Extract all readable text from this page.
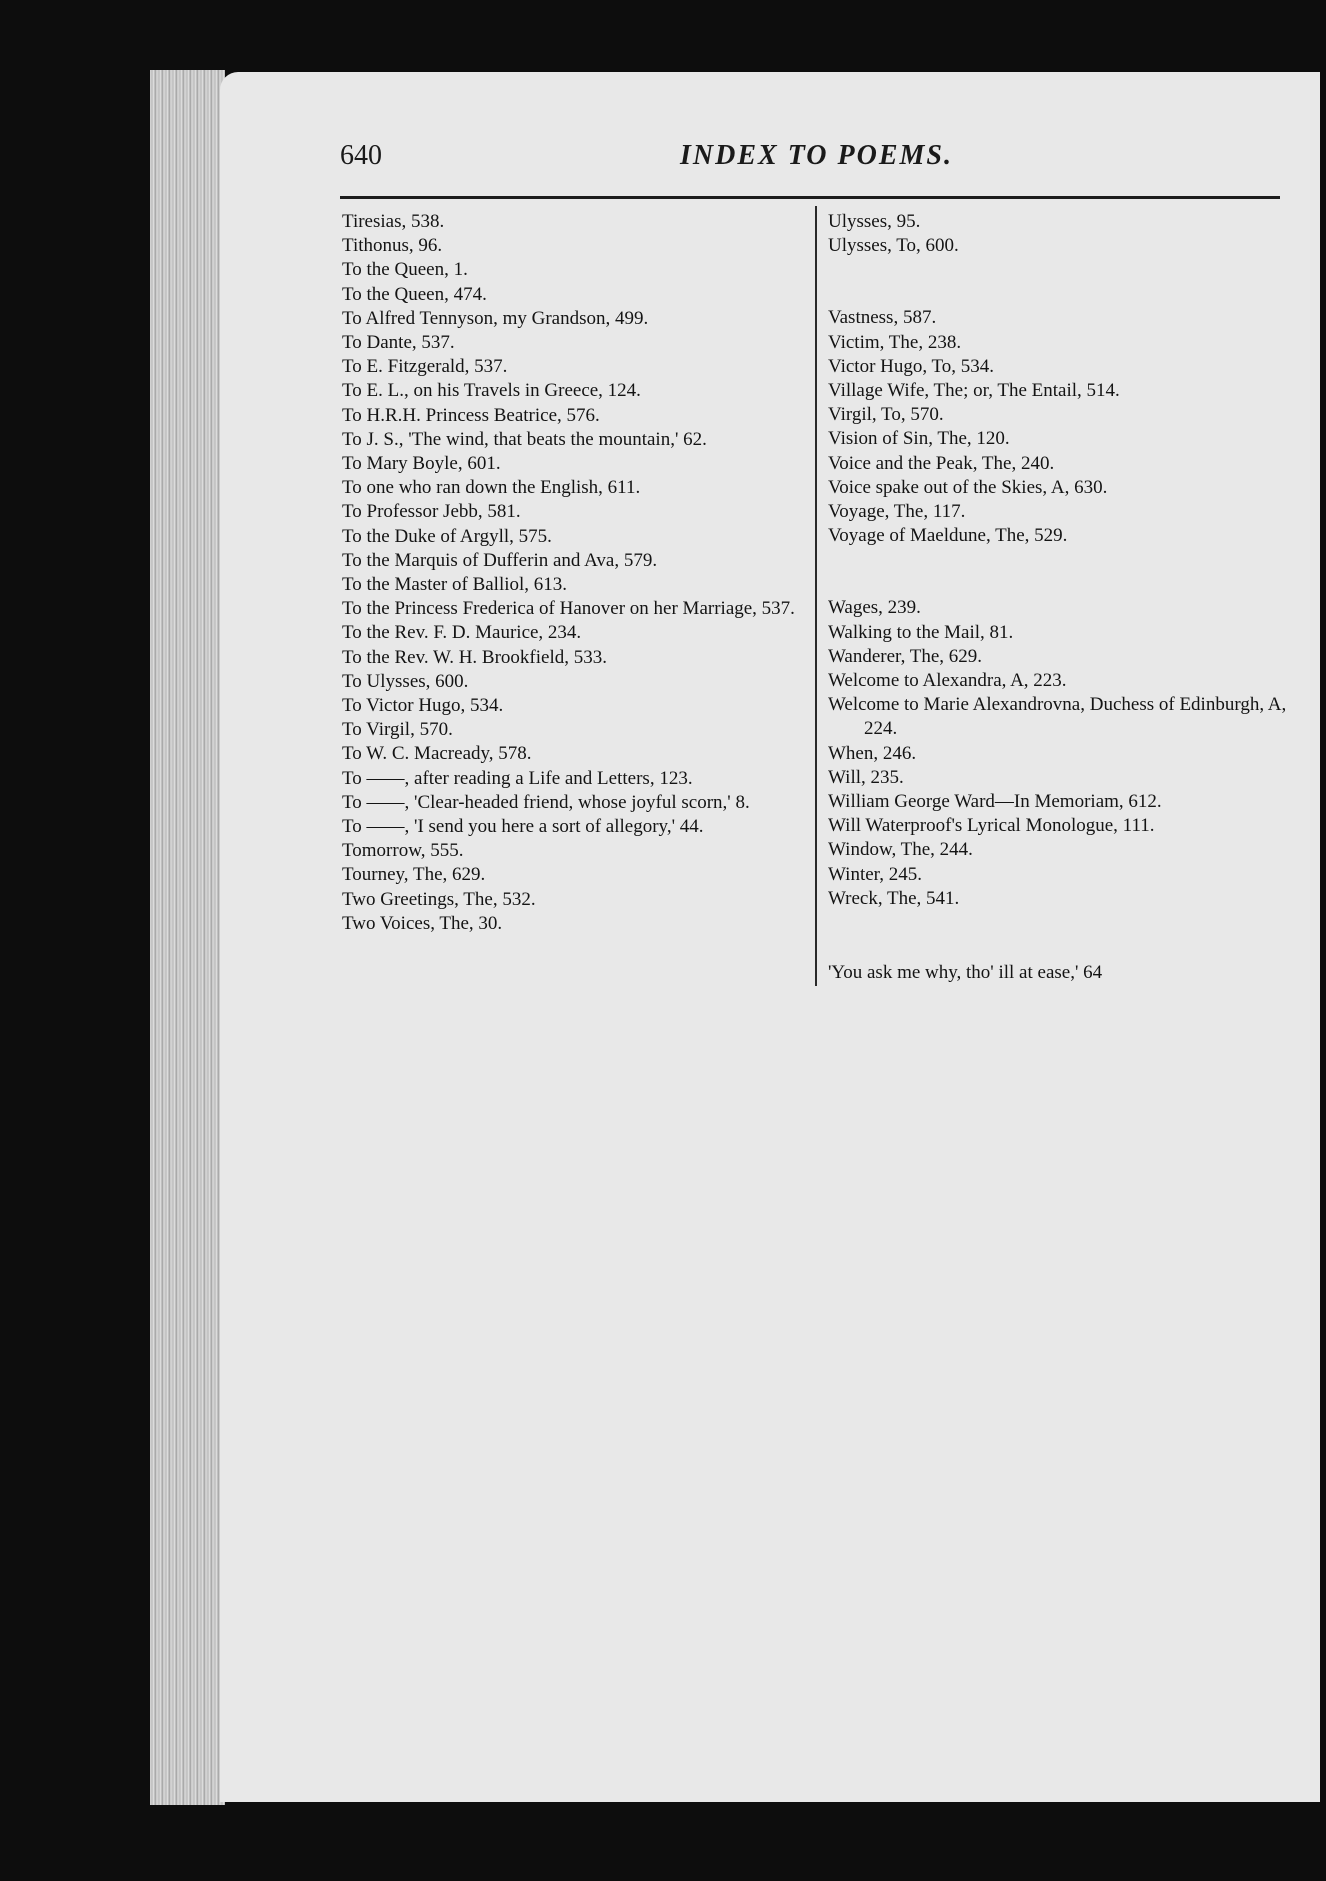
640	INDEX TO POEMS.

Tiresias, 538.

Tithonus, 96.

To the Queen, 1.

To the Queen, 474.

To Alfred Tennyson, my Grandson, 499.

To Dante, 537.

To E. Fitzgerald, 537.

To E. L., on his Travels in Greece, 124.

To H.R.H. Princess Beatrice, 576.

To J. S., 'The wind, that beats the mountain,' 62.

To Mary Boyle, 601.

To one who ran down the English, 611.

To Professor Jebb, 581.

To the Duke of Argyll, 575.

To the Marquis of Dufferin and Ava, 579.

To the Master of Balliol, 613.

To the Princess Frederica of Hanover on her Marriage, 537.

To the Rev. F. D. Maurice, 234.

To the Rev. W. H. Brookfield, 533.

To Ulysses, 600.

To Victor Hugo, 534.

To Virgil, 570.

To W. C. Macready, 578.

To ——, after reading a Life and Letters, 123.

To ——, 'Clear-headed friend, whose joyful scorn,' 8.

To ——, 'I send you here a sort of allegory,' 44.

Tomorrow, 555.

Tourney, The, 629.

Two Greetings, The, 532.

Two Voices, The, 30.

Ulysses, 95.

Ulysses, To, 600.

Vastness, 587.

Victim, The, 238.

Victor Hugo, To, 534.

Village Wife, The; or, The Entail, 514.

Virgil, To, 570.

Vision of Sin, The, 120.

Voice and the Peak, The, 240.

Voice spake out of the Skies, A, 630.

Voyage, The, 117.

Voyage of Maeldune, The, 529.

Wages, 239.

Walking to the Mail, 81.

Wanderer, The, 629.

Welcome to Alexandra, A, 223.

Welcome to Marie Alexandrovna, Duchess of Edinburgh, A, 224.

When, 246.

Will, 235.

William George Ward—In Memoriam, 612.

Will Waterproof's Lyrical Monologue, 111.

Window, The, 244.

Winter, 245.

Wreck, The, 541.

'You ask me why, tho' ill at ease,' 64
